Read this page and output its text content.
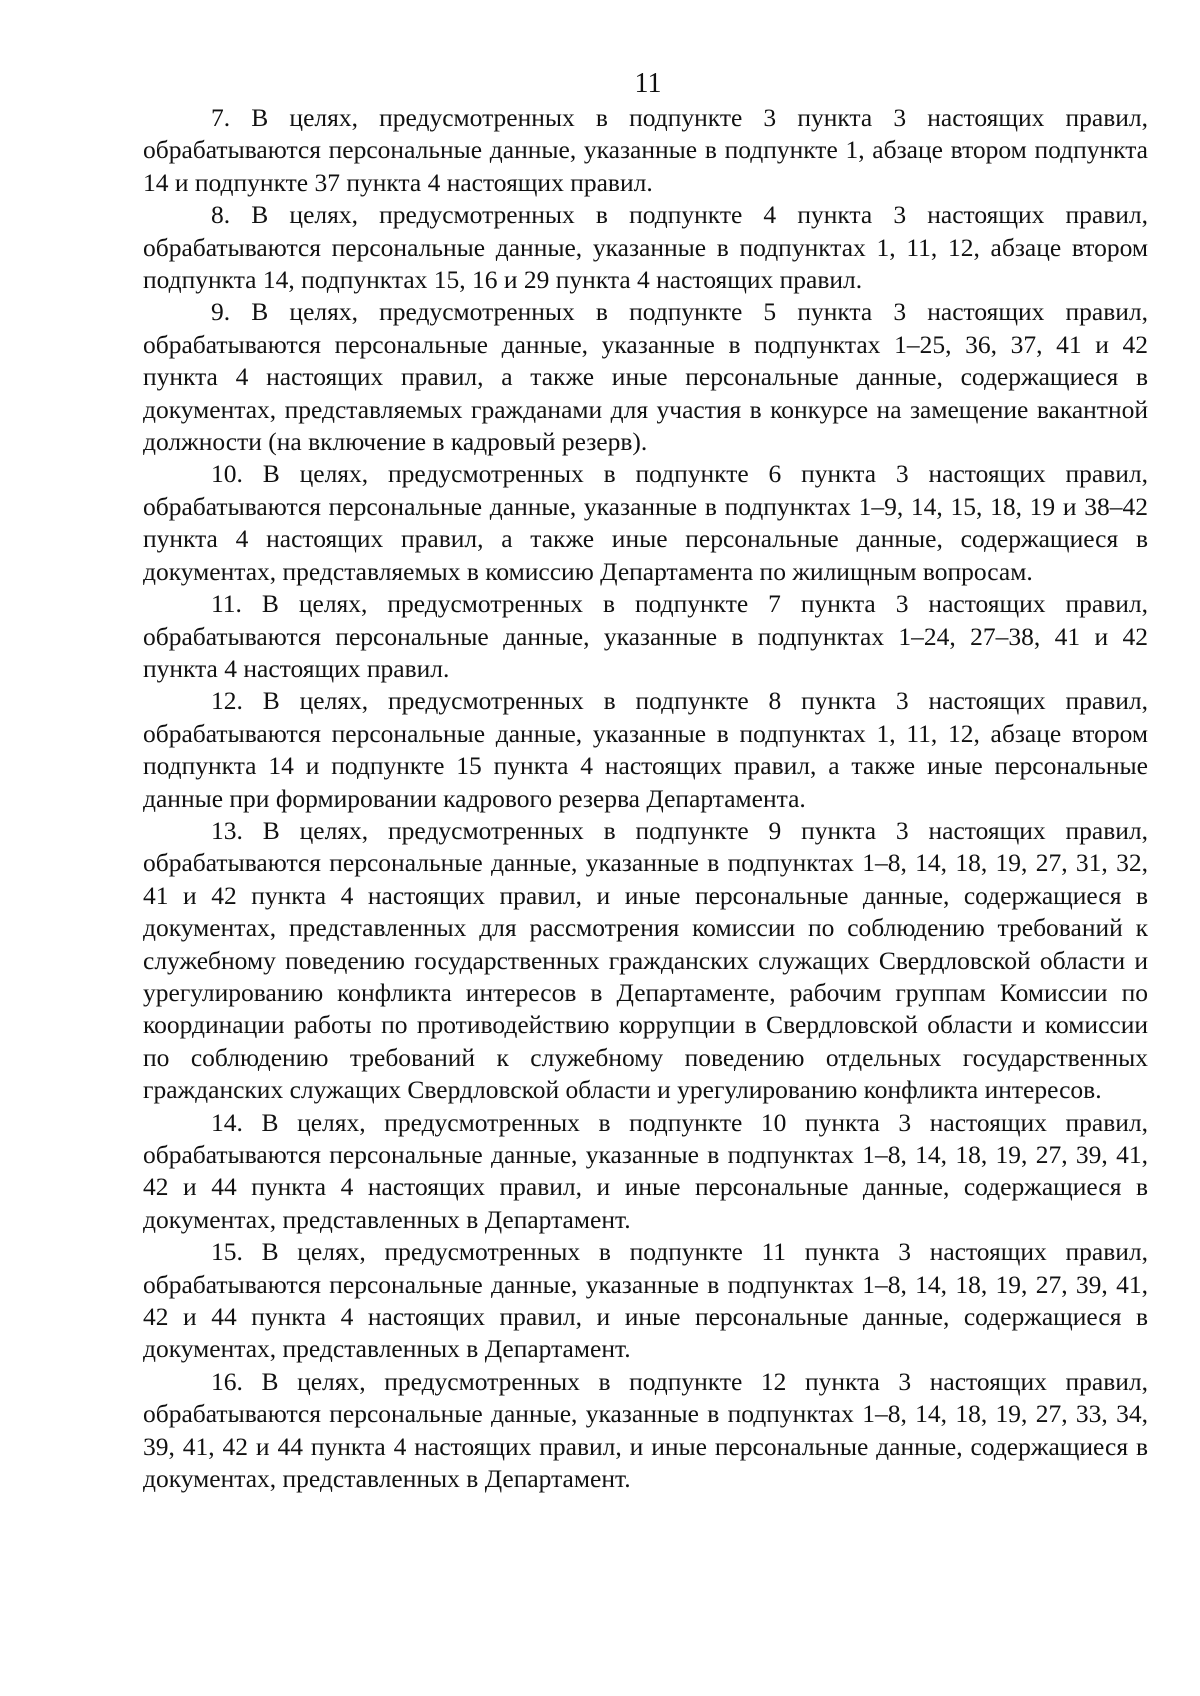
11

7. В целях, предусмотренных в подпункте 3 пункта 3 настоящих правил, обрабатываются персональные данные, указанные в подпункте 1, абзаце втором подпункта 14 и подпункте 37 пункта 4 настоящих правил.

8. В целях, предусмотренных в подпункте 4 пункта 3 настоящих правил, обрабатываются персональные данные, указанные в подпунктах 1, 11, 12, абзаце втором подпункта 14, подпунктах 15, 16 и 29 пункта 4 настоящих правил.

9. В целях, предусмотренных в подпункте 5 пункта 3 настоящих правил, обрабатываются персональные данные, указанные в подпунктах 1–25, 36, 37, 41 и 42 пункта 4 настоящих правил, а также иные персональные данные, содержащиеся в документах, представляемых гражданами для участия в конкурсе на замещение вакантной должности (на включение в кадровый резерв).

10. В целях, предусмотренных в подпункте 6 пункта 3 настоящих правил, обрабатываются персональные данные, указанные в подпунктах 1–9, 14, 15, 18, 19 и 38–42 пункта 4 настоящих правил, а также иные персональные данные, содержащиеся в документах, представляемых в комиссию Департамента по жилищным вопросам.

11. В целях, предусмотренных в подпункте 7 пункта 3 настоящих правил, обрабатываются персональные данные, указанные в подпунктах 1–24, 27–38, 41 и 42 пункта 4 настоящих правил.

12. В целях, предусмотренных в подпункте 8 пункта 3 настоящих правил, обрабатываются персональные данные, указанные в подпунктах 1, 11, 12, абзаце втором подпункта 14 и подпункте 15 пункта 4 настоящих правил, а также иные персональные данные при формировании кадрового резерва Департамента.

13. В целях, предусмотренных в подпункте 9 пункта 3 настоящих правил, обрабатываются персональные данные, указанные в подпунктах 1–8, 14, 18, 19, 27, 31, 32, 41 и 42 пункта 4 настоящих правил, и иные персональные данные, содержащиеся в документах, представленных для рассмотрения комиссии по соблюдению требований к служебному поведению государственных гражданских служащих Свердловской области и урегулированию конфликта интересов в Департаменте, рабочим группам Комиссии по координации работы по противодействию коррупции в Свердловской области и комиссии по соблюдению требований к служебному поведению отдельных государственных гражданских служащих Свердловской области и урегулированию конфликта интересов.

14. В целях, предусмотренных в подпункте 10 пункта 3 настоящих правил, обрабатываются персональные данные, указанные в подпунктах 1–8, 14, 18, 19, 27, 39, 41, 42 и 44 пункта 4 настоящих правил, и иные персональные данные, содержащиеся в документах, представленных в Департамент.

15. В целях, предусмотренных в подпункте 11 пункта 3 настоящих правил, обрабатываются персональные данные, указанные в подпунктах 1–8, 14, 18, 19, 27, 39, 41, 42 и 44 пункта 4 настоящих правил, и иные персональные данные, содержащиеся в документах, представленных в Департамент.

16. В целях, предусмотренных в подпункте 12 пункта 3 настоящих правил, обрабатываются персональные данные, указанные в подпунктах 1–8, 14, 18, 19, 27, 33, 34, 39, 41, 42 и 44 пункта 4 настоящих правил, и иные персональные данные, содержащиеся в документах, представленных в Департамент.
